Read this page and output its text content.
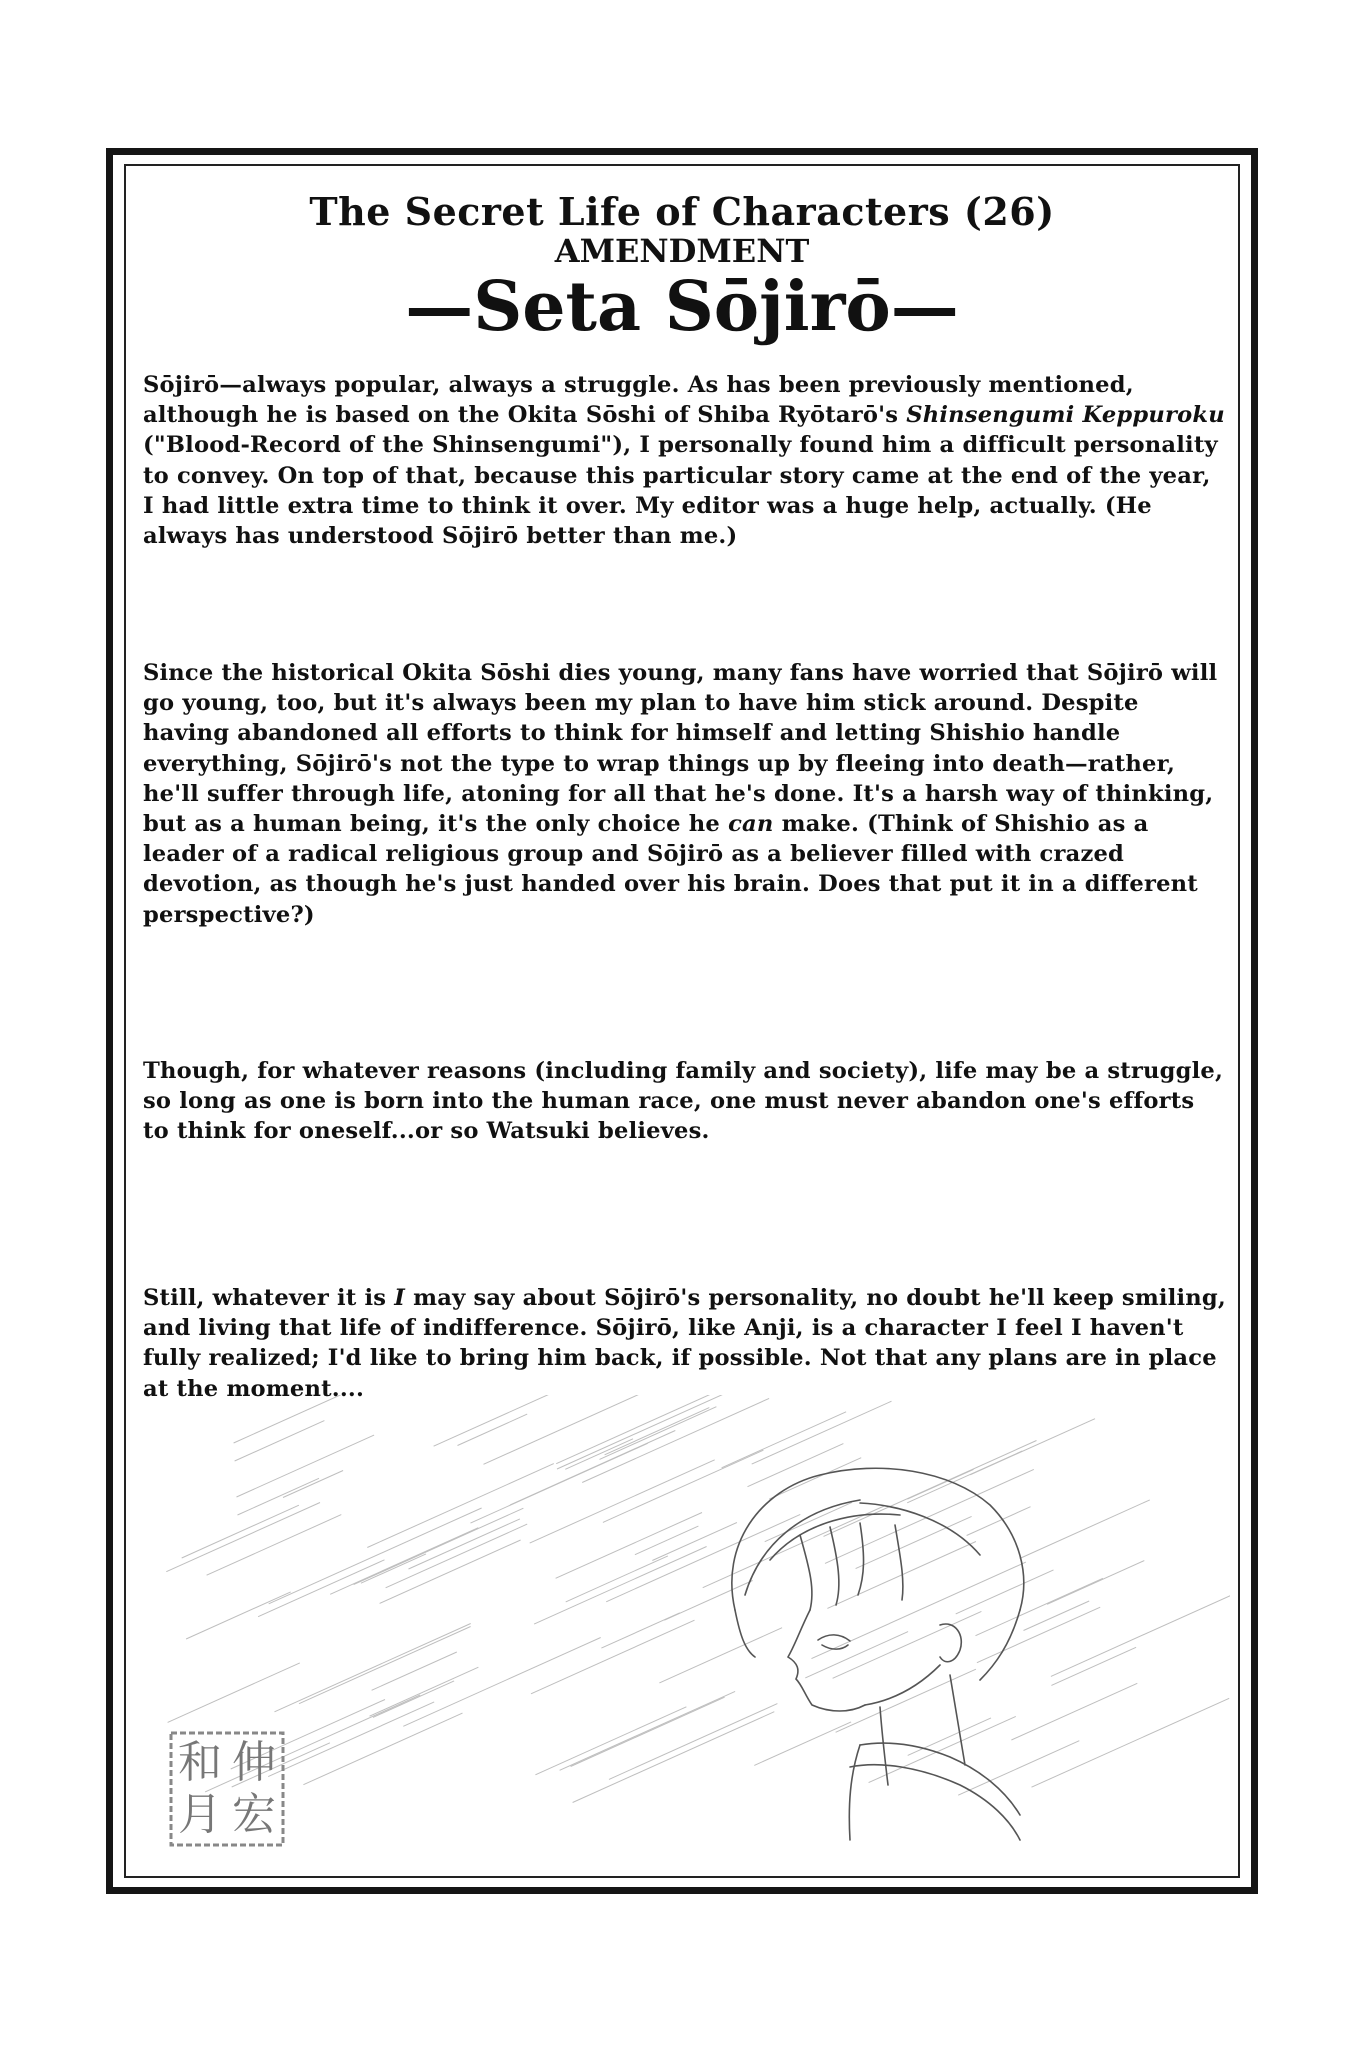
The Secret Life of Characters (26)
AMENDMENT
—Seta Sōjirō—

Sōjirō—always popular, always a struggle. As has been previously mentioned, although he is based on the Okita Sōshi of Shiba Ryōtarō's Shinsengumi Keppuroku ("Blood-Record of the Shinsengumi"), I personally found him a difficult personality to convey. On top of that, because this particular story came at the end of the year, I had little extra time to think it over. My editor was a huge help, actually. (He always has understood Sōjirō better than me.)

Since the historical Okita Sōshi dies young, many fans have worried that Sōjirō will go young, too, but it's always been my plan to have him stick around. Despite having abandoned all efforts to think for himself and letting Shishio handle everything, Sōjirō's not the type to wrap things up by fleeing into death—rather, he'll suffer through life, atoning for all that he's done. It's a harsh way of thinking, but as a human being, it's the only choice he can make. (Think of Shishio as a leader of a radical religious group and Sōjirō as a believer filled with crazed devotion, as though he's just handed over his brain. Does that put it in a different perspective?)

Though, for whatever reasons (including family and society), life may be a struggle, so long as one is born into the human race, one must never abandon one's efforts to think for oneself...or so Watsuki believes.

Still, whatever it is I may say about Sōjirō's personality, no doubt he'll keep smiling, and living that life of indifference. Sōjirō, like Anji, is a character I feel I haven't fully realized; I'd like to bring him back, if possible. Not that any plans are in place at the moment....

伸
宏
和
月
